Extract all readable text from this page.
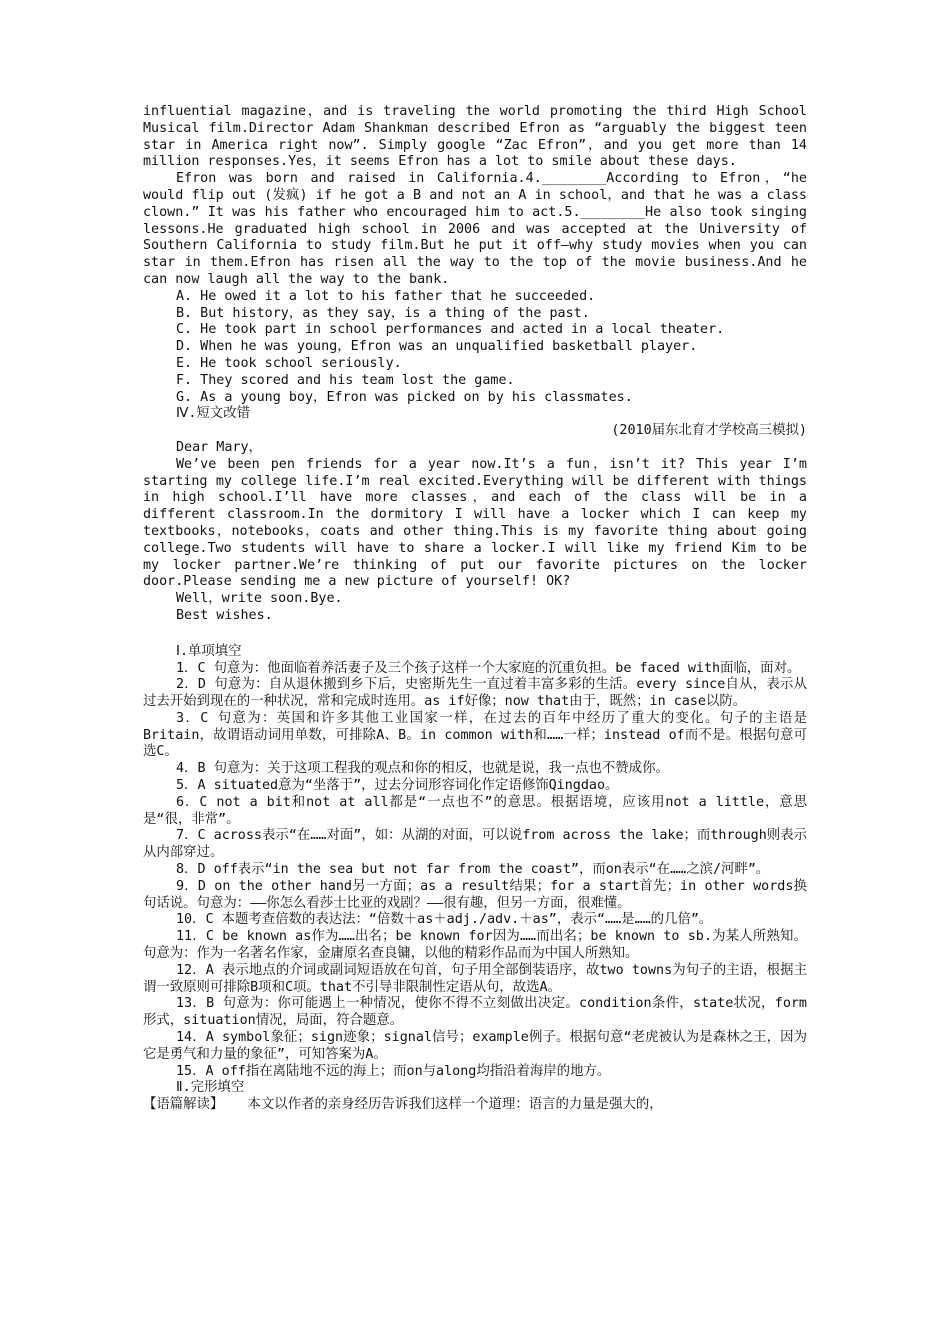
influential magazine，and is traveling the world promoting the third High School Musical film.Director Adam Shankman described Efron as “arguably the biggest teen star in America right now”. Simply google “Zac Efron”，and you get more than 14 million responses.Yes，it seems Efron has a lot to smile about these days.

Efron was born and raised in California.4.________According to Efron，“he would flip out (发疯) if he got a B and not an A in school，and that he was a class clown.” It was his father who encouraged him to act.5.________He also took singing lessons.He graduated high school in 2006 and was accepted at the University of Southern California to study film.But he put it off—why study movies when you can star in them.Efron has risen all the way to the top of the movie business.And he can now laugh all the way to the bank.

A. He owed it a lot to his father that he succeeded.

B. But history，as they say，is a thing of the past.

C. He took part in school performances and acted in a local theater.

D. When he was young，Efron was an unqualified basketball player.

E. He took school seriously.

F. They scored and his team lost the game.

G. As a young boy，Efron was picked on by his classmates.

Ⅳ.短文改错

(2010届东北育才学校高三模拟)

Dear Mary，

We’ve been pen friends for a year now.It’s a fun，isn’t it? This year I’m starting my college life.I’m real excited.Everything will be different with things in high school.I’ll have more classes，and each of the class will be in a different classroom.In the dormitory I will have a locker which I can keep my textbooks，notebooks，coats and other thing.This is my favorite thing about going college.Two students will have to share a locker.I will like my friend Kim to be my locker partner.We’re thinking of put our favorite pictures on the locker door.Please sending me a new picture of yourself! OK?

Well，write soon.Bye.

Best wishes.

Ⅰ.单项填空

1．C 句意为：他面临着养活妻子及三个孩子这样一个大家庭的沉重负担。be faced with面临，面对。

2．D 句意为：自从退休搬到乡下后，史密斯先生一直过着丰富多彩的生活。every since自从，表示从过去开始到现在的一种状况，常和完成时连用。as if好像；now that由于，既然；in case以防。

3．C 句意为：英国和许多其他工业国家一样，在过去的百年中经历了重大的变化。句子的主语是Britain，故谓语动词用单数，可排除A、B。in common with和……一样；instead of而不是。根据句意可选C。

4．B 句意为：关于这项工程我的观点和你的相反，也就是说，我一点也不赞成你。

5．A situated意为“坐落于”，过去分词形容词化作定语修饰Qingdao。

6．C not a bit和not at all都是“一点也不”的意思。根据语境，应该用not a little，意思是“很，非常”。

7．C across表示“在……对面”，如：从湖的对面，可以说from across the lake；而through则表示从内部穿过。

8．D off表示“in the sea but not far from the coast”，而on表示“在……之滨/河畔”。

9．D on the other hand另一方面；as a result结果；for a start首先；in other words换句话说。句意为：——你怎么看莎士比亚的戏剧？——很有趣，但另一方面，很难懂。

10．C 本题考查倍数的表达法：“倍数＋as＋adj./adv.＋as”，表示“……是……的几倍”。

11．C be known as作为……出名；be known for因为……而出名；be known to sb.为某人所熟知。句意为：作为一名著名作家，金庸原名查良镛，以他的精彩作品而为中国人所熟知。

12．A 表示地点的介词或副词短语放在句首，句子用全部倒装语序，故two towns为句子的主语，根据主谓一致原则可排除B项和C项。that不引导非限制性定语从句，故选A。

13．B 句意为：你可能遇上一种情况，使你不得不立刻做出决定。condition条件，state状况，form形式，situation情况，局面，符合题意。

14．A symbol象征；sign迹象；signal信号；example例子。根据句意“老虎被认为是森林之王，因为它是勇气和力量的象征”，可知答案为A。

15．A off指在离陆地不远的海上；而on与along均指沿着海岸的地方。

Ⅱ.完形填空

【语篇解读】 本文以作者的亲身经历告诉我们这样一个道理：语言的力量是强大的，
